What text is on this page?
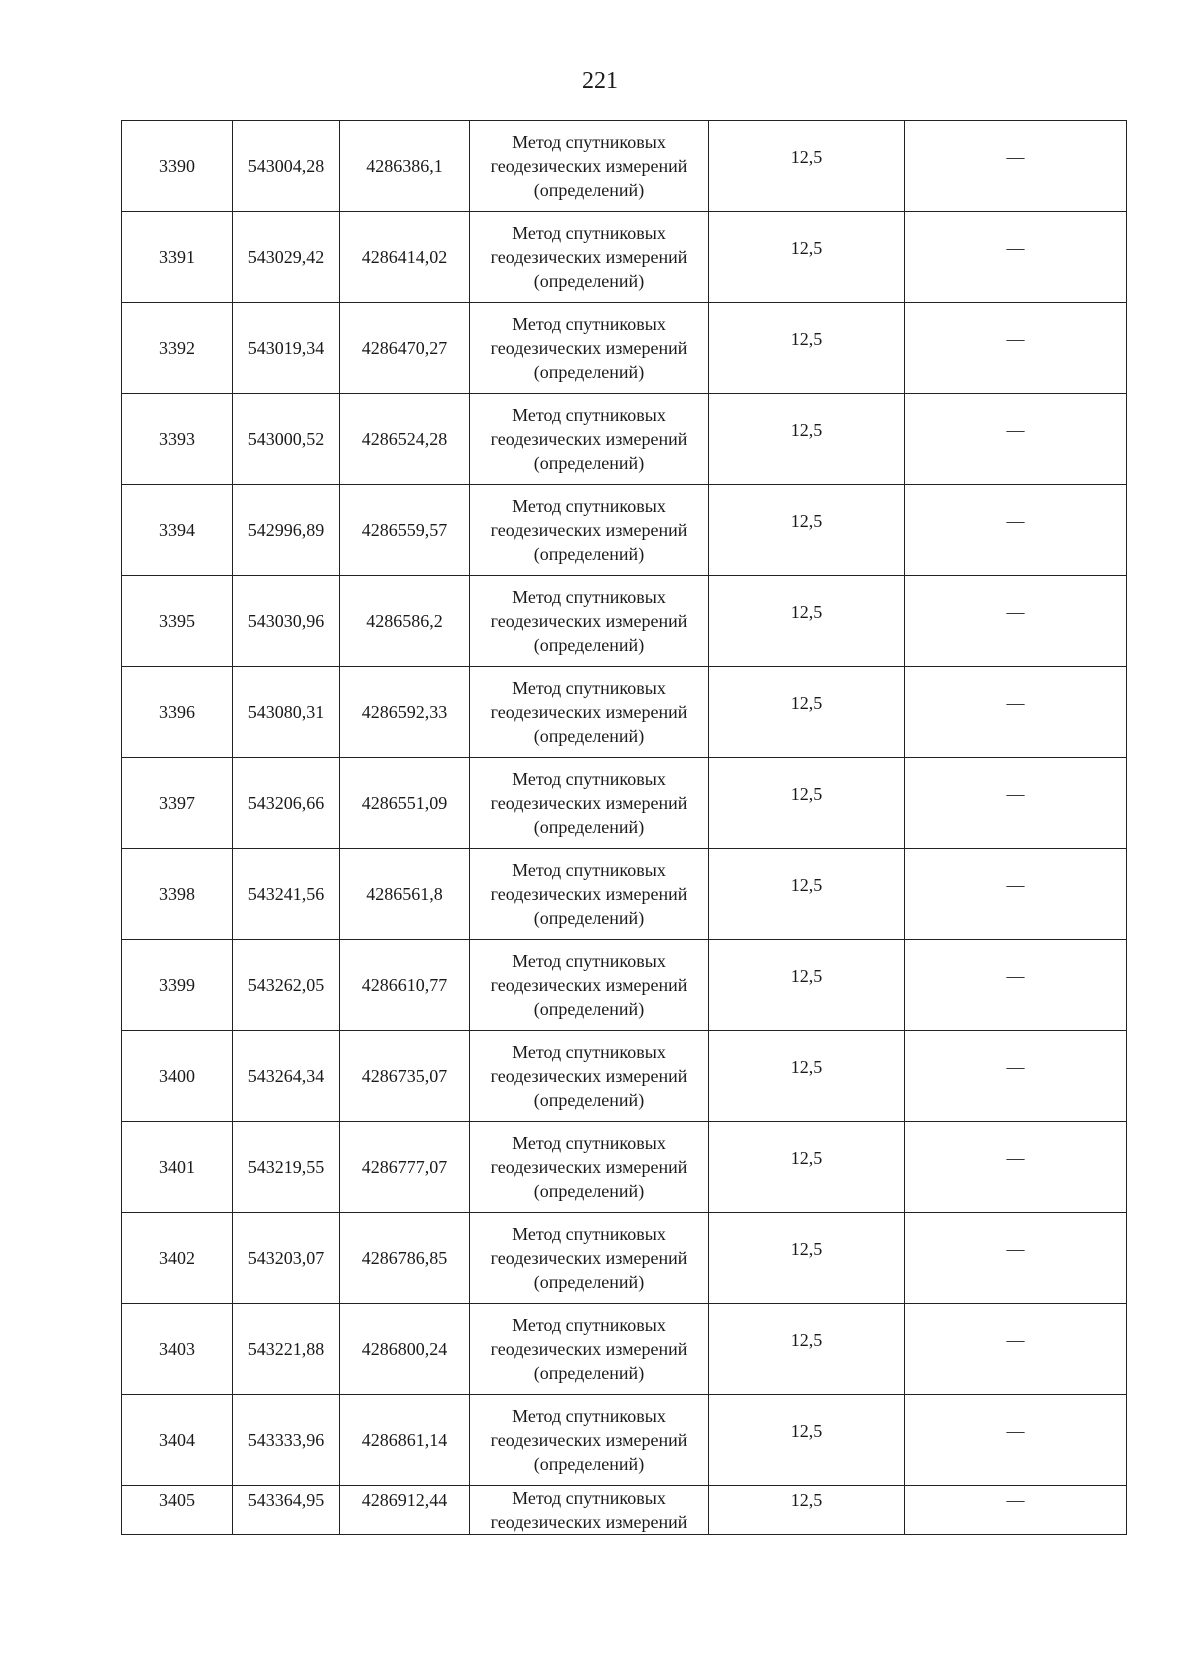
221
3390	543004,28	4286386,1	Метод спутниковых
геодезических измерений
(определений)	12,5	—

3391	543029,42	4286414,02	Метод спутниковых
геодезических измерений
(определений)	12,5	—

3392	543019,34	4286470,27	Метод спутниковых
геодезических измерений
(определений)	12,5	—

3393	543000,52	4286524,28	Метод спутниковых
геодезических измерений
(определений)	12,5	—

3394	542996,89	4286559,57	Метод спутниковых
геодезических измерений
(определений)	12,5	—

3395	543030,96	4286586,2	Метод спутниковых
геодезических измерений
(определений)	12,5	—

3396	543080,31	4286592,33	Метод спутниковых
геодезических измерений
(определений)	12,5	—

3397	543206,66	4286551,09	Метод спутниковых
геодезических измерений
(определений)	12,5	—

3398	543241,56	4286561,8	Метод спутниковых
геодезических измерений
(определений)	12,5	—

3399	543262,05	4286610,77	Метод спутниковых
геодезических измерений
(определений)	12,5	—

3400	543264,34	4286735,07	Метод спутниковых
геодезических измерений
(определений)	12,5	—

3401	543219,55	4286777,07	Метод спутниковых
геодезических измерений
(определений)	12,5	—

3402	543203,07	4286786,85	Метод спутниковых
геодезических измерений
(определений)	12,5	—

3403	543221,88	4286800,24	Метод спутниковых
геодезических измерений
(определений)	12,5	—

3404	543333,96	4286861,14	Метод спутниковых
геодезических измерений
(определений)	12,5	—

3405	543364,95	4286912,44	Метод спутниковых
геодезических измерений	12,5	—
